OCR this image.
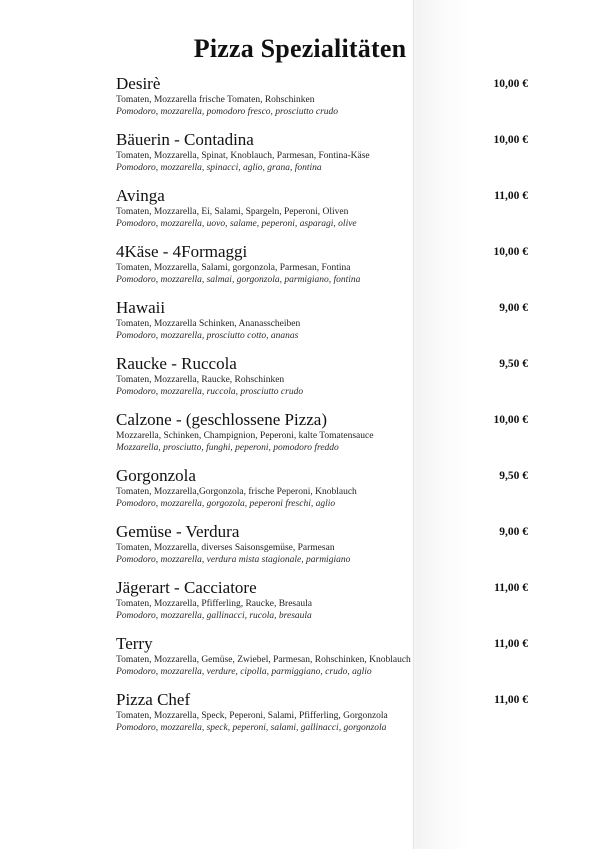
Pizza Spezialitäten
Desirè	10,00 €
Tomaten, Mozzarella frische Tomaten, Rohschinken
Pomodoro, mozzarella, pomodoro fresco, prosciutto crudo
Bäuerin - Contadina	10,00 €
Tomaten, Mozzarella, Spinat, Knoblauch, Parmesan, Fontina-Käse
Pomodoro, mozzarella, spinacci, aglio, grana, fontina
Avinga	11,00 €
Tomaten, Mozzarella, Ei, Salami, Spargeln, Peperoni, Oliven
Pomodoro, mozzarella, uovo, salame, peperoni, asparagi, olive
4Käse - 4Formaggi	10,00 €
Tomaten, Mozzarella, Salami, gorgonzola, Parmesan, Fontina
Pomodoro, mozzarella, salmai, gorgonzola, parmigiano, fontina
Hawaii	9,00 €
Tomaten, Mozzarella Schinken, Ananasscheiben
Pomodoro, mozzarella, prosciutto cotto, ananas
Raucke - Ruccola	9,50 €
Tomaten, Mozzarella, Raucke, Rohschinken
Pomodoro, mozzarella, ruccola, prosciutto crudo
Calzone - (geschlossene Pizza)	10,00 €
Mozzarella, Schinken, Champignion, Peperoni, kalte Tomatensauce
Mozzarella, prosciutto, funghi, peperoni, pomodoro freddo
Gorgonzola	9,50 €
Tomaten, Mozzarella,Gorgonzola, frische Peperoni, Knoblauch
Pomodoro, mozzarella, gorgozola, peperoni freschi, aglio
Gemüse - Verdura	9,00 €
Tomaten, Mozzarella, diverses Saisonsgemüse, Parmesan
Pomodoro, mozzarella, verdura mista stagionale, parmigiano
Jägerart - Cacciatore	11,00 €
Tomaten, Mozzarella, Pfifferling, Raucke, Bresaula
Pomodoro, mozzarella, gallinacci, rucola, bresaula
Terry	11,00 €
Tomaten, Mozzarella, Gemüse, Zwiebel, Parmesan, Rohschinken, Knoblauch
Pomodoro, mozzarella, verdure, cipolla, parmiggiano, crudo, aglio
Pizza Chef	11,00 €
Tomaten, Mozzarella, Speck, Peperoni, Salami, Pfifferling, Gorgonzola
Pomodoro, mozzarella, speck, peperoni, salami, gallinacci, gorgonzola
